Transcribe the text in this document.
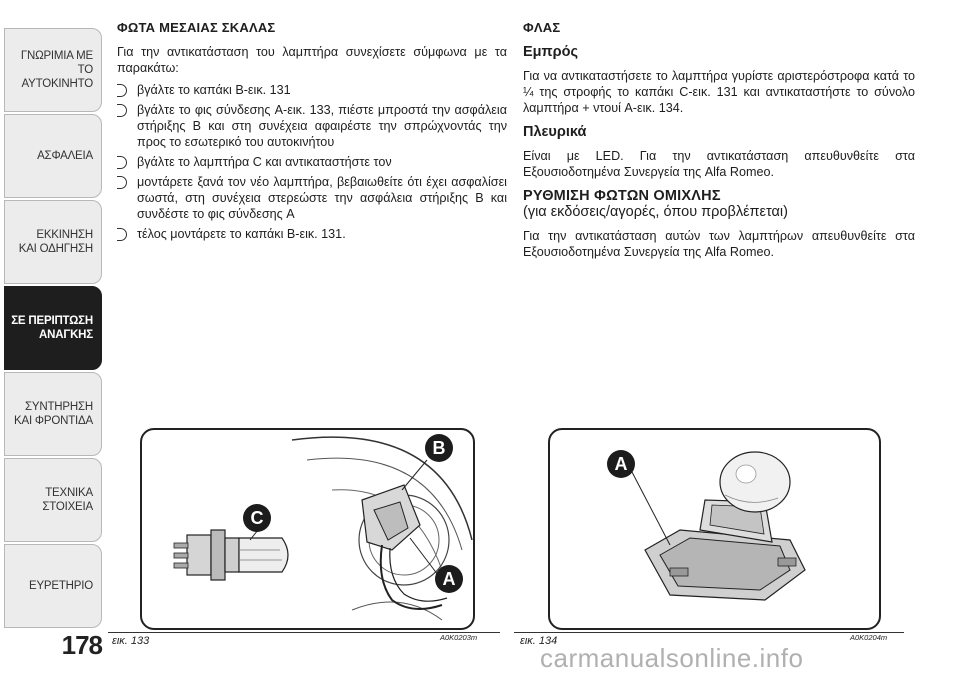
ΓΝΩΡΙΜΙΑ ΜΕ ΤΟ
ΑΥΤΟΚΙΝΗΤΟ
ΑΣΦΑΛΕΙΑ
ΕΚΚΙΝΗΣΗ
ΚΑΙ ΟΔΗΓΗΣΗ
ΣΕ ΠΕΡΙΠΤΩΣΗ
ΑΝΑΓΚΗΣ
ΣΥΝΤΗΡΗΣΗ
ΚΑΙ ΦΡΟΝΤΙΔΑ
ΤΕΧΝΙΚΑ
ΣΤΟΙΧΕΙΑ
ΕΥΡΕΤΗΡΙΟ
178
ΦΩΤΑ ΜΕΣΑΙΑΣ ΣΚΑΛΑΣ

Για την αντικατάσταση του λαμπτήρα συνεχίσετε σύμφωνα με τα παρακάτω:

βγάλτε το καπάκι B-εικ. 131
βγάλτε το φις σύνδεσης A-εικ. 133, πιέστε μπροστά την ασφάλεια στήριξης B και στη συνέχεια αφαιρέστε την σπρώχνοντάς την προς το εσωτερικό του αυτοκινήτου
βγάλτε το λαμπτήρα C και αντικαταστήστε τον
μοντάρετε ξανά τον νέο λαμπτήρα, βεβαιωθείτε ότι έχει ασφαλίσει σωστά, στη συνέχεια στερεώστε την ασφάλεια στήριξης B και συνδέστε το φις σύνδεσης A
τέλος μοντάρετε το καπάκι B-εικ. 131.
ΦΛΑΣ
Εμπρός

Για να αντικαταστήσετε το λαμπτήρα γυρίστε αριστερόστροφα κατά το ¼ της στροφής το καπάκι C-εικ. 131 και αντικαταστήστε το σύνολο λαμπτήρα + ντουί A-εικ. 134.

Πλευρικά

Είναι με LED. Για την αντικατάσταση απευθυνθείτε στα Εξουσιοδοτημένα Συνεργεία της Alfa Romeo.

ΡΥΘΜΙΣΗ ΦΩΤΩΝ ΟΜΙΧΛΗΣ
(για εκδόσεις/αγορές, όπου προβλέπεται)

Για την αντικατάσταση αυτών των λαμπτήρων απευθυνθείτε στα Εξουσιοδοτημένα Συνεργεία της Alfa Romeo.

B
C
A
A
εικ. 133	A0K0203m	εικ. 134	A0K0204m
carmanualsonline.info
